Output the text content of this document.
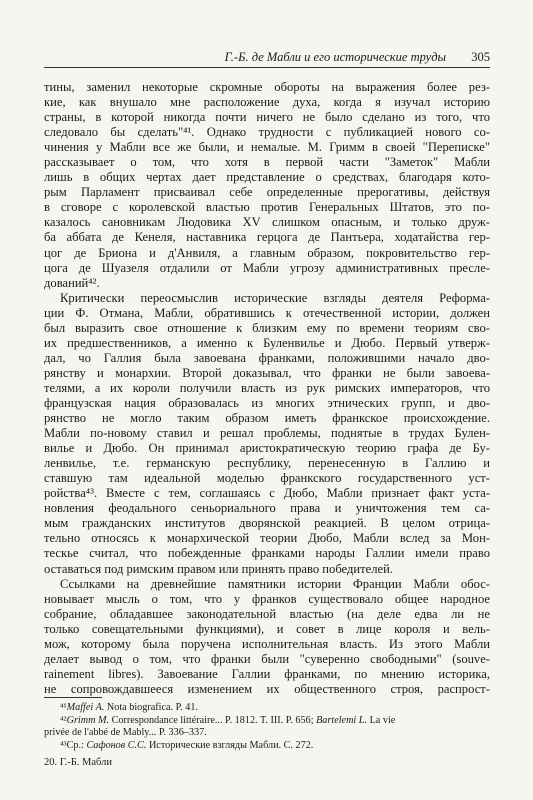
Г.-Б. де Мабли и его исторические труды 305
тины, заменил некоторые скромные обороты на выражения более рез-
кие, как внушало мне расположение духа, когда я изучал историю
страны, в которой никогда почти ничего не было сделано из того, что
следовало бы сделать"⁴¹. Однако трудности с публикацией нового со-
чинения у Мабли все же были, и немалые. М. Гримм в своей "Переписке"
рассказывает о том, что хотя в первой части "Заметок" Мабли
лишь в общих чертах дает представление о средствах, благодаря кото-
рым Парламент присваивал себе определенные прерогативы, действуя
в сговоре с королевской властью против Генеральных Штатов, это по-
казалось сановникам Людовика XV слишком опасным, и только друж-
ба аббата де Кенеля, наставника герцога де Пантьера, ходатайства гер-
цог де Бриона и д'Анвиля, а главным образом, покровительство гер-
цога де Шуазеля отдалили от Мабли угрозу административных пресле-
дований⁴².
Критически переосмыслив исторические взгляды деятеля Реформа-
ции Ф. Отмана, Мабли, обратившись к отечественной истории, должен
был выразить свое отношение к близким ему по времени теориям сво-
их предшественников, а именно к Буленвилье и Дюбо. Первый утверж-
дал, чо Галлия была завоевана франками, положившими начало дво-
рянству и монархии. Второй доказывал, что франки не были завоева-
телями, а их короли получили власть из рук римских императоров, что
французская нация образовалась из многих этнических групп, и дво-
рянство не могло таким образом иметь франкское происхождение.
Мабли по-новому ставил и решал проблемы, поднятые в трудах Булен-
вилье и Дюбо. Он принимал аристократическую теорию графа де Бу-
ленвилье, т.е. германскую республику, перенесенную в Галлию и
ставшую там идеальной моделью франкского государственного уст-
ройства⁴³. Вместе с тем, соглашаясь с Дюбо, Мабли признает факт уста-
новления феодального сеньориального права и уничтожения тем са-
мым гражданских институтов дворянской реакцией. В целом отрица-
тельно относясь к монархической теории Дюбо, Мабли вслед за Мон-
тескье считал, что побежденные франками народы Галлии имели право
оставаться под римским правом или принять право победителей.
Ссылками на древнейшие памятники истории Франции Мабли обос-
новывает мысль о том, что у франков существовало общее народное
собрание, обладавшее законодательной властью (на деле едва ли не
только совещательными функциями), и совет в лице короля и вель-
мож, которому была поручена исполнительная власть. Из этого Мабли
делает вывод о том, что франки были "суверенно свободными" (souve-
rainement libres). Завоевание Галлии франками, по мнению историка,
не сопровождавшееся изменением их общественного строя, распрост-
⁴¹Maffei A. Nota biografica. P. 41.
⁴²Grimm M. Correspondance littéraire... P. 1812. T. III. P. 656; Bartelemi L. La vie
privée de l'abbé de Mably... P. 336–337.
⁴³Ср.: Сафонов С.С. Исторические взгляды Мабли. С. 272.
20. Г.-Б. Мабли
